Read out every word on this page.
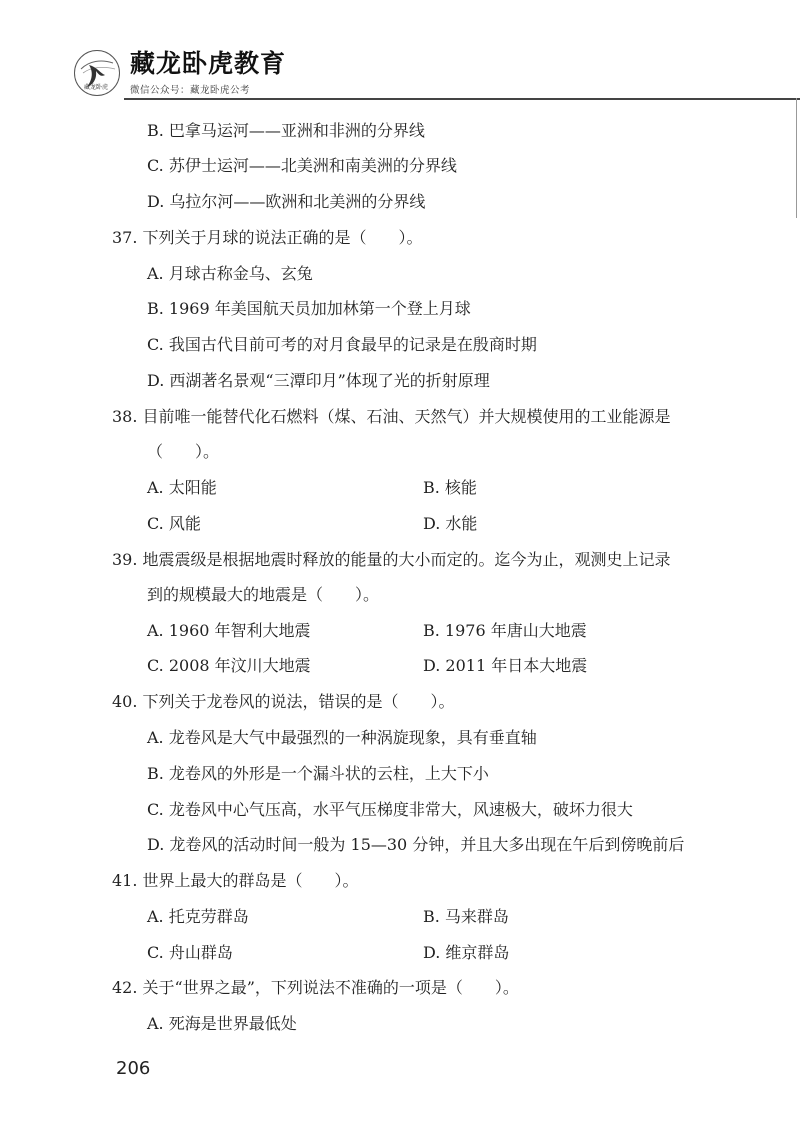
藏龙卧虎
藏龙卧虎教育
微信公众号：藏龙卧虎公考
B. 巴拿马运河——亚洲和非洲的分界线
C. 苏伊士运河——北美洲和南美洲的分界线
D. 乌拉尔河——欧洲和北美洲的分界线
37. 下列关于月球的说法正确的是（　　）。
A. 月球古称金乌、玄兔
B. 1969 年美国航天员加加林第一个登上月球
C. 我国古代目前可考的对月食最早的记录是在殷商时期
D. 西湖著名景观“三潭印月”体现了光的折射原理
38. 目前唯一能替代化石燃料（煤、石油、天然气）并大规模使用的工业能源是
（　　）。
A. 太阳能	B. 核能
C. 风能	D. 水能
39. 地震震级是根据地震时释放的能量的大小而定的。迄今为止，观测史上记录
到的规模最大的地震是（　　）。
A. 1960 年智利大地震	B. 1976 年唐山大地震
C. 2008 年汶川大地震	D. 2011 年日本大地震
40. 下列关于龙卷风的说法，错误的是（　　）。
A. 龙卷风是大气中最强烈的一种涡旋现象，具有垂直轴
B. 龙卷风的外形是一个漏斗状的云柱，上大下小
C. 龙卷风中心气压高，水平气压梯度非常大，风速极大，破坏力很大
D. 龙卷风的活动时间一般为 15—30 分钟，并且大多出现在午后到傍晚前后
41. 世界上最大的群岛是（　　）。
A. 托克劳群岛	B. 马来群岛
C. 舟山群岛	D. 维京群岛
42. 关于“世界之最”，下列说法不准确的一项是（　　）。
A. 死海是世界最低处
206
